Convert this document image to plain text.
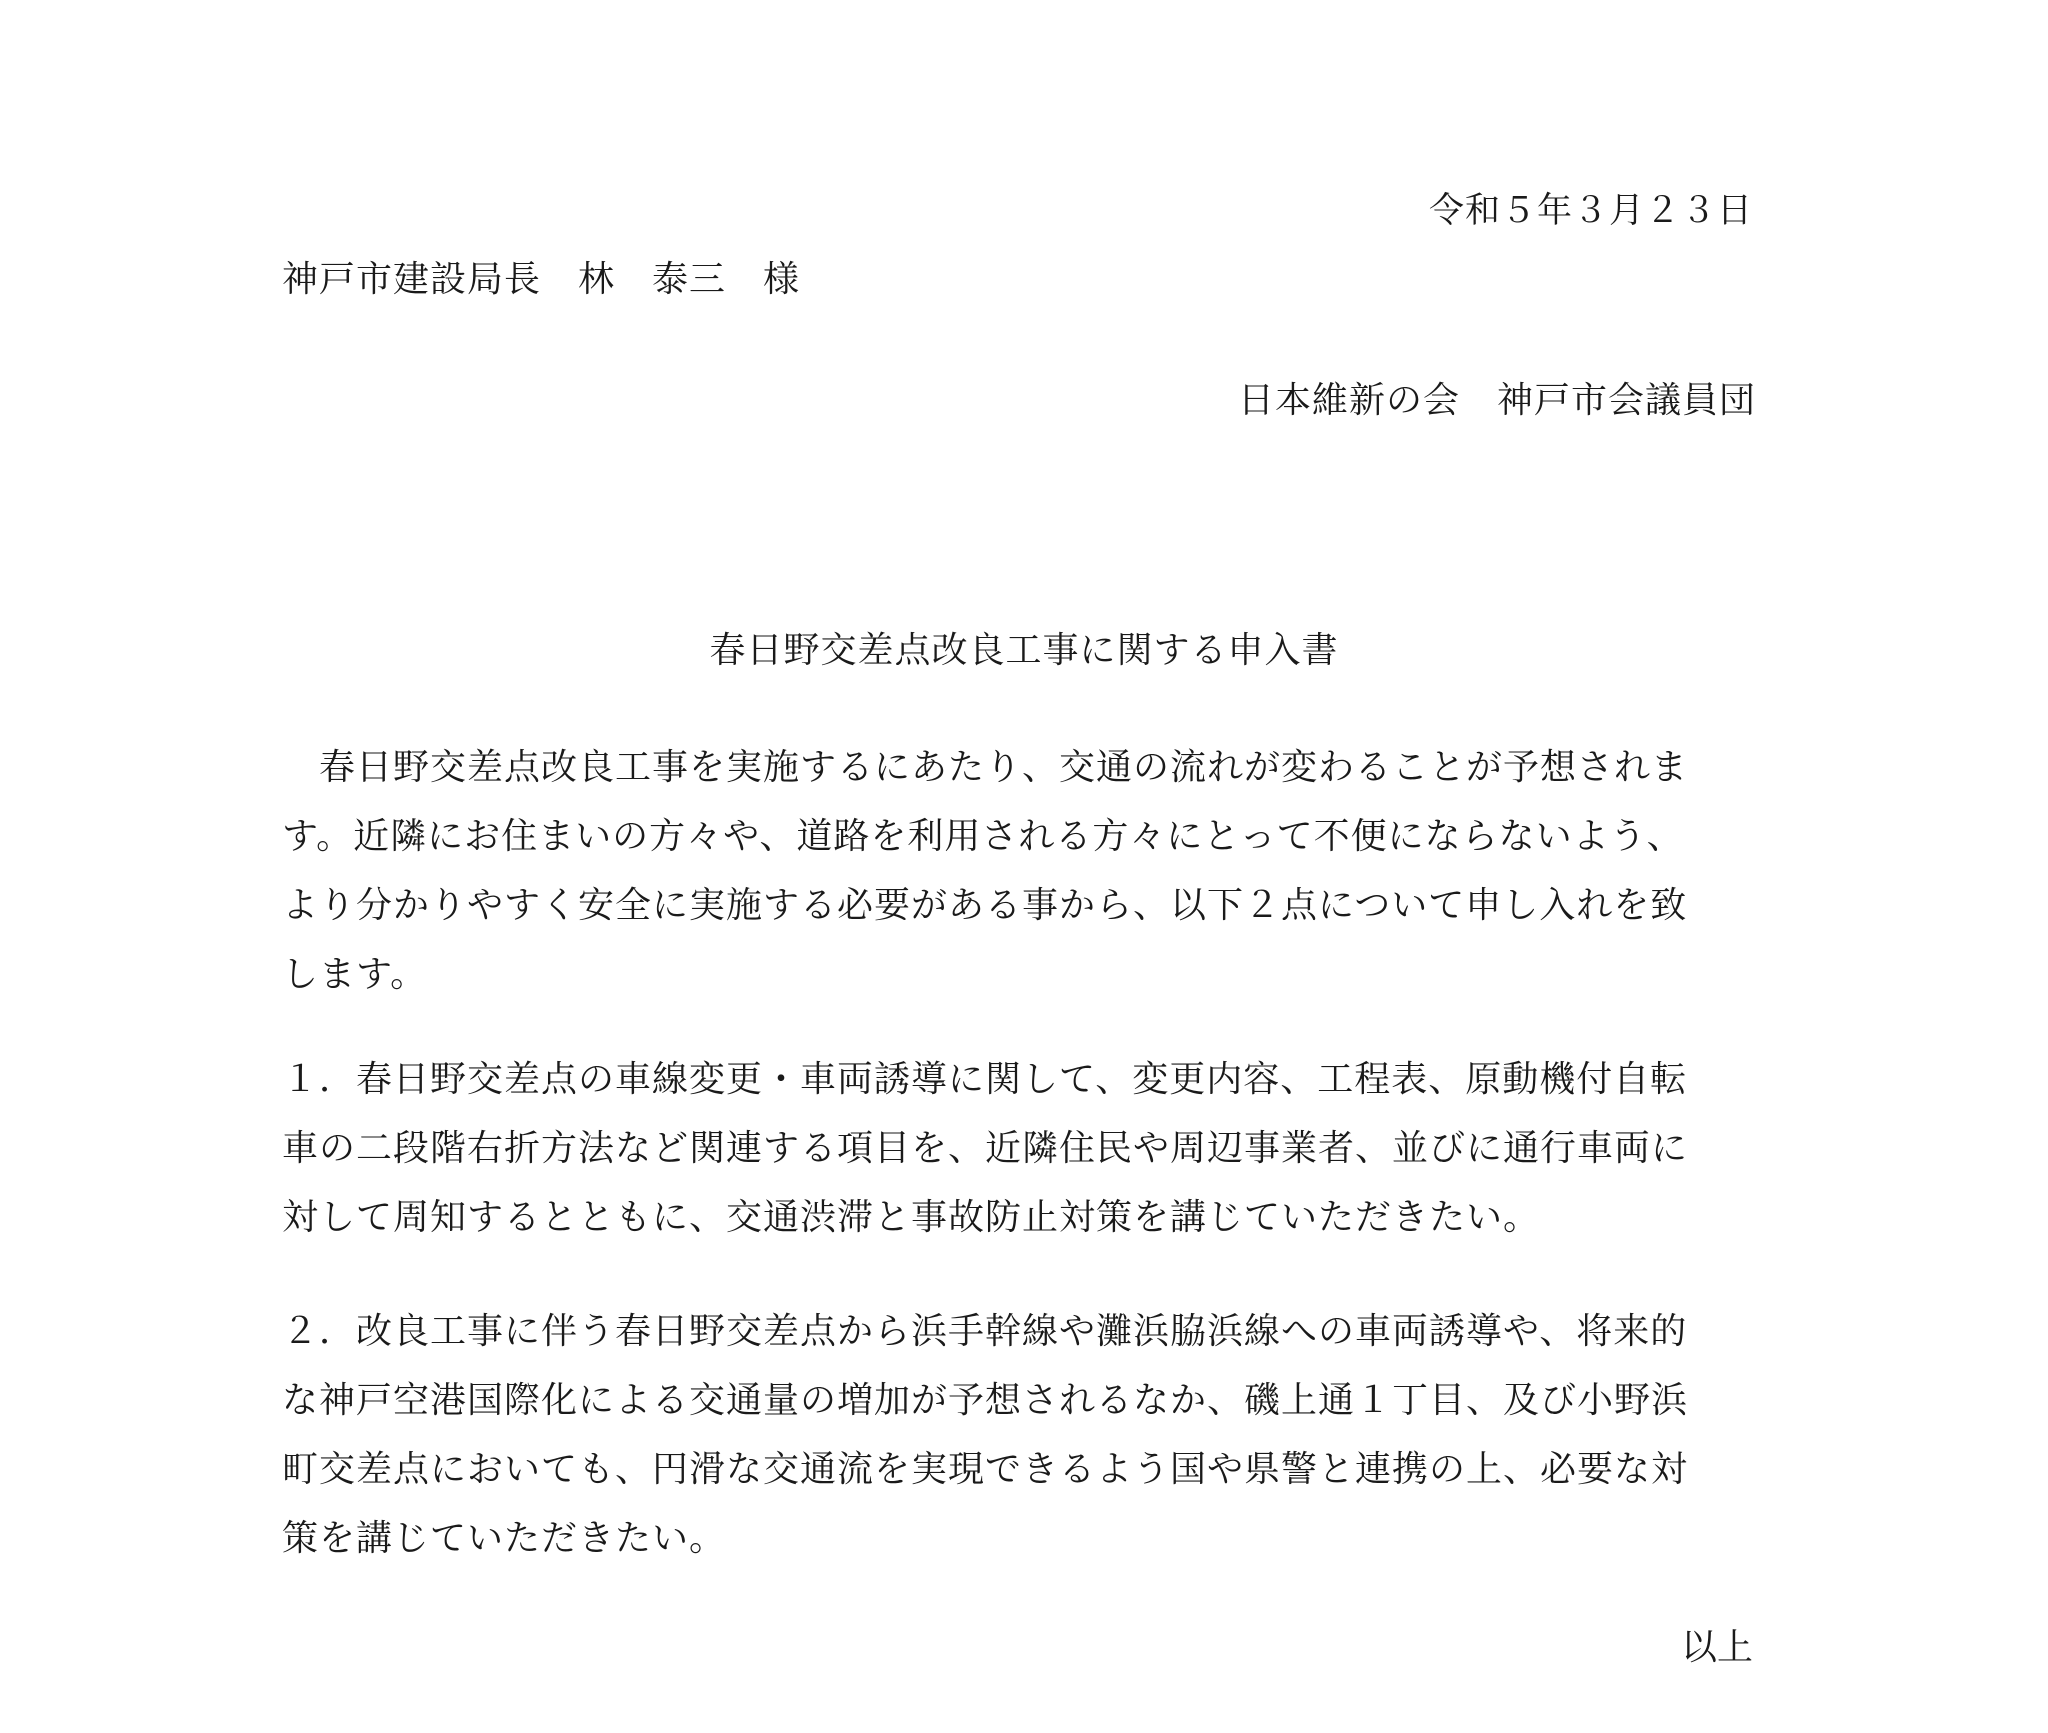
令和５年３月２３日
神戸市建設局長　林　泰三　様
日本維新の会　神戸市会議員団
春日野交差点改良工事に関する申入書
　春日野交差点改良工事を実施するにあたり、交通の流れが変わることが予想されま
す。近隣にお住まいの方々や、道路を利用される方々にとって不便にならないよう、
より分かりやすく安全に実施する必要がある事から、以下２点について申し入れを致
します。
１．春日野交差点の車線変更・車両誘導に関して、変更内容、工程表、原動機付自転
車の二段階右折方法など関連する項目を、近隣住民や周辺事業者、並びに通行車両に
対して周知するとともに、交通渋滞と事故防止対策を講じていただきたい。
２．改良工事に伴う春日野交差点から浜手幹線や灘浜脇浜線への車両誘導や、将来的
な神戸空港国際化による交通量の増加が予想されるなか、磯上通１丁目、及び小野浜
町交差点においても、円滑な交通流を実現できるよう国や県警と連携の上、必要な対
策を講じていただきたい。
以上
